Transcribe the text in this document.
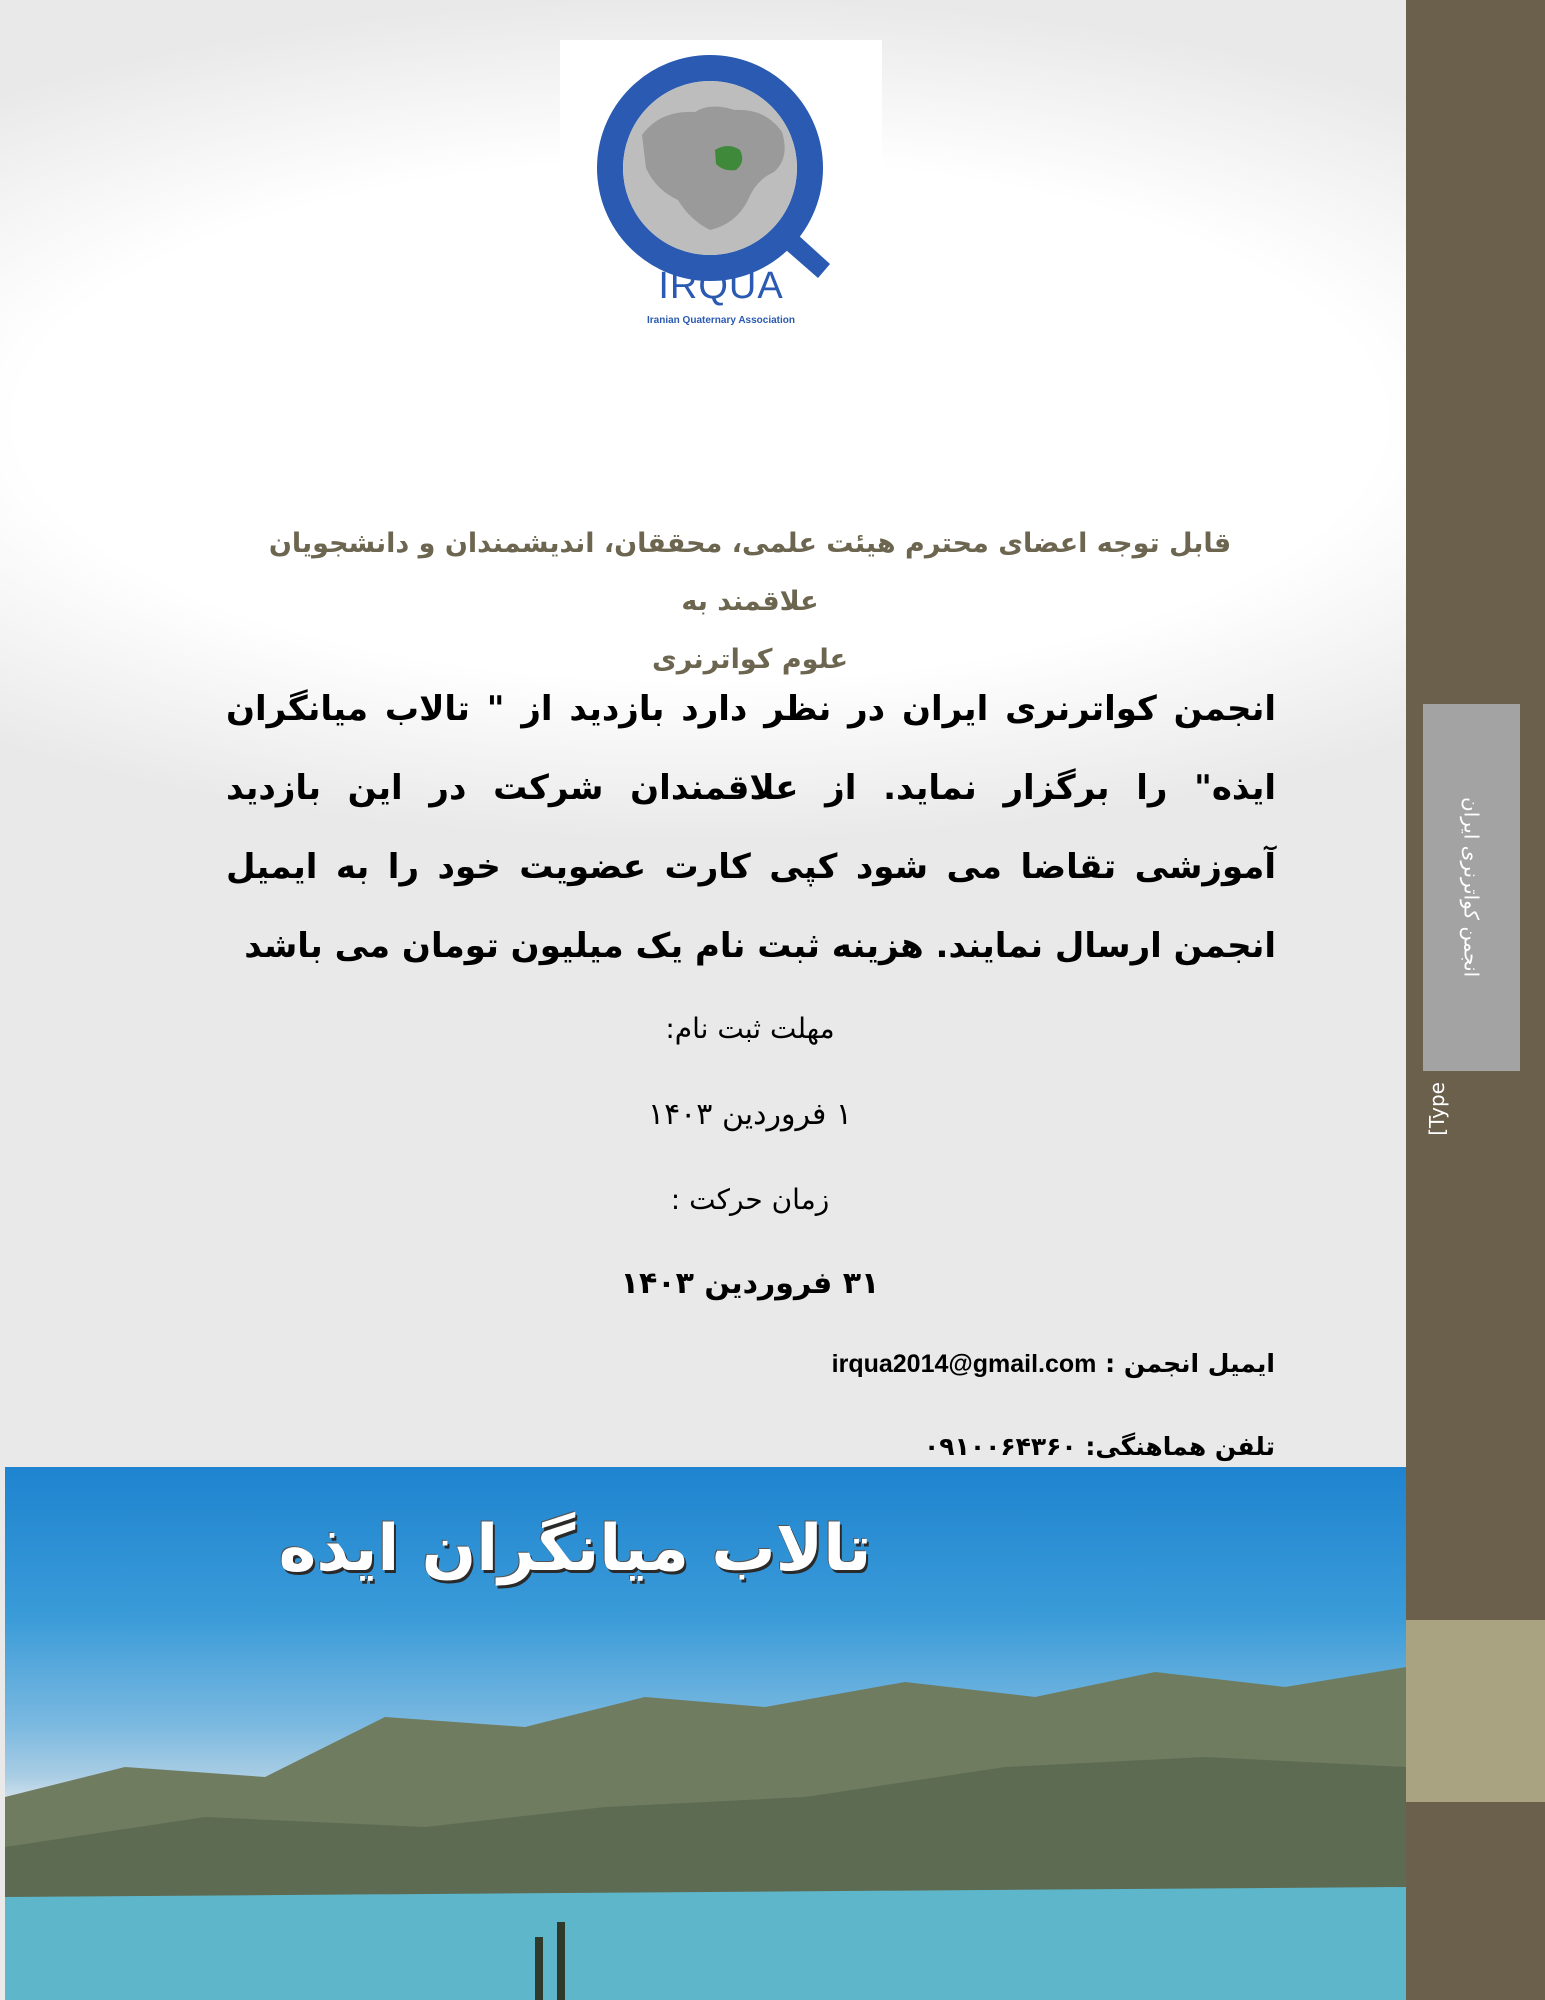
انجمن کواترنری ایران
[Type
IRQUA
Iranian Quaternary Association
قابل توجه اعضای محترم هیئت علمی، محققان، اندیشمندان و دانشجویان علاقمند به
علوم کواترنری
انجمن کواترنری ایران در نظر دارد بازدید از " تالاب میانگران ایذه" را برگزار نماید. از علاقمندان شرکت در این بازدید آموزشی تقاضا می شود کپی کارت عضویت خود را به ایمیل انجمن ارسال نمایند. هزینه ثبت نام یک میلیون تومان می باشد
مهلت ثبت نام:
۱ فروردین ۱۴۰۳
زمان حرکت :
۳۱ فروردین ۱۴۰۳
ایمیل انجمن : irqua2014@gmail.com
تلفن هماهنگی: ۰۹۱۰۰۶۴۳۶۰
تالاب میانگران ایذه
